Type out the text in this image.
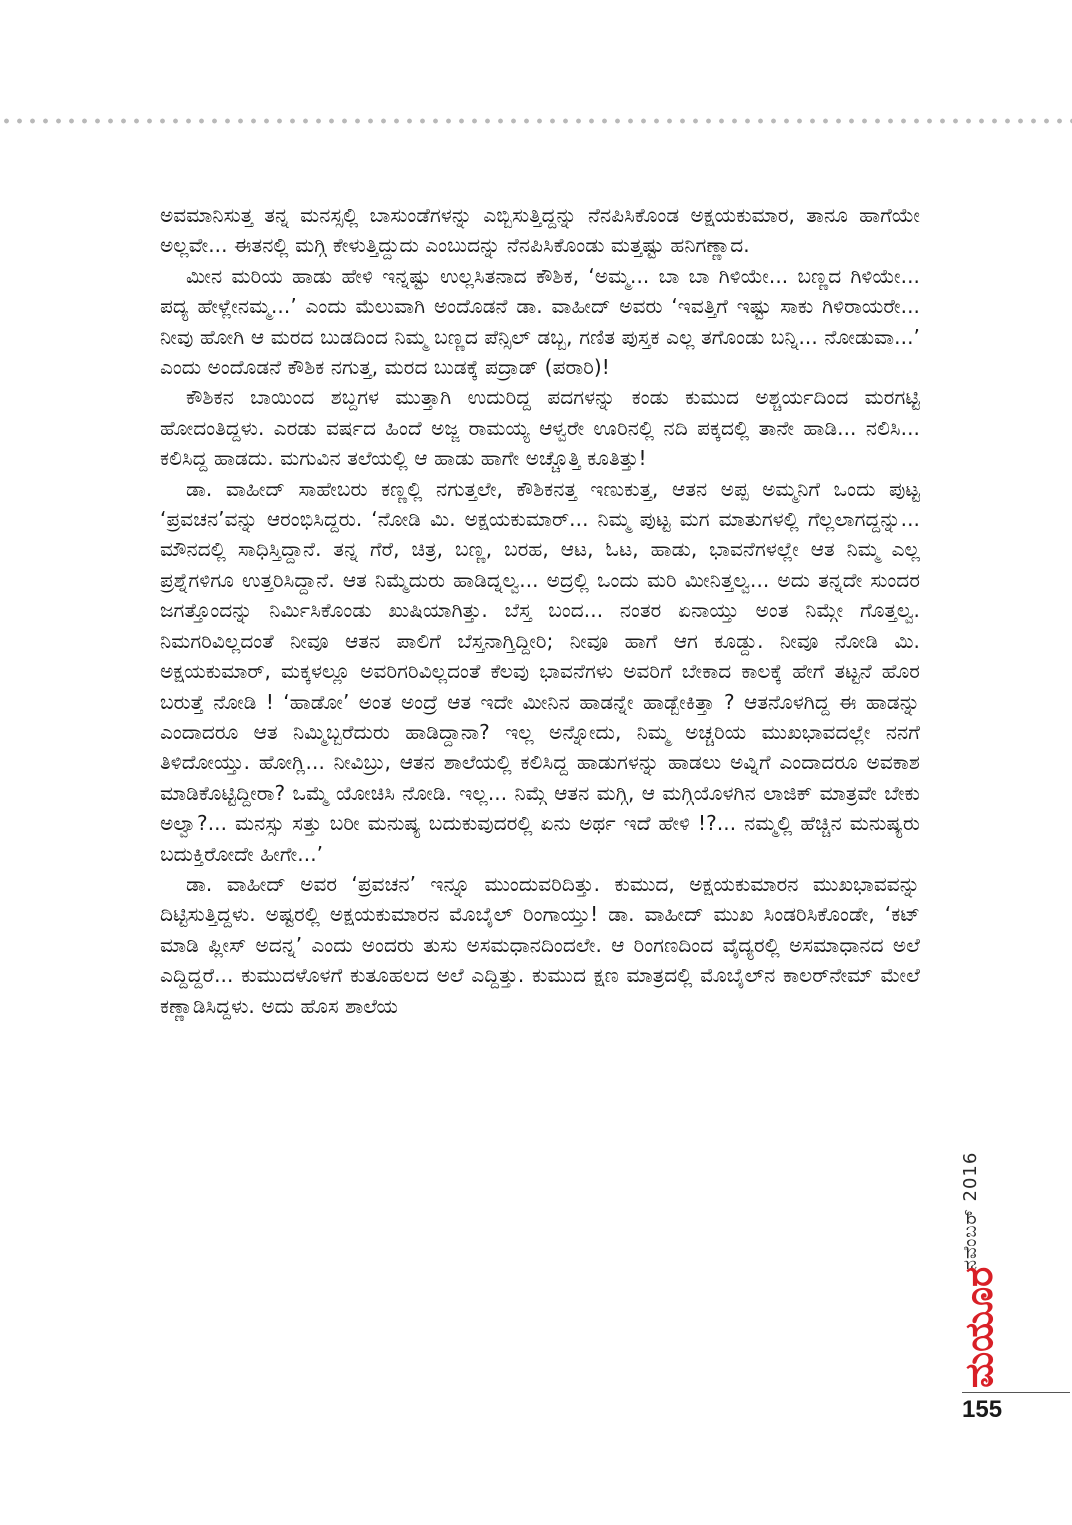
ಅವಮಾನಿಸುತ್ತ ತನ್ನ ಮನಸ್ಸಲ್ಲಿ ಬಾಸುಂಡೆಗಳನ್ನು ಎಬ್ಬಿಸುತ್ತಿದ್ದನ್ನು ನೆನಪಿಸಿಕೊಂಡ ಅಕ್ಷಯಕುಮಾರ, ತಾನೂ ಹಾಗೆಯೇ ಅಲ್ಲವೇ... ಈತನಲ್ಲಿ ಮಗ್ಗಿ ಕೇಳುತ್ತಿದ್ದುದು ಎಂಬುದನ್ನು ನೆನಪಿಸಿಕೊಂಡು ಮತ್ತಷ್ಟು ಹನಿಗಣ್ಣಾದ.

ಮೀನ ಮರಿಯ ಹಾಡು ಹೇಳಿ ಇನ್ನಷ್ಟು ಉಲ್ಲಸಿತನಾದ ಕೌಶಿಕ, ‘ಅಮ್ಮ... ಬಾ ಬಾ ಗಿಳಿಯೇ... ಬಣ್ಣದ ಗಿಳಿಯೇ... ಪದ್ಯ ಹೇಳ್ಲೇನಮ್ಮ...’ ಎಂದು ಮೆಲುವಾಗಿ ಅಂದೊಡನೆ ಡಾ. ವಾಹೀದ್ ಅವರು ‘ಇವತ್ತಿಗೆ ಇಷ್ಟು ಸಾಕು ಗಿಳಿರಾಯರೇ... ನೀವು ಹೋಗಿ ಆ ಮರದ ಬುಡದಿಂದ ನಿಮ್ಮ ಬಣ್ಣದ ಪೆನ್ಸಿಲ್ ಡಬ್ಬ, ಗಣಿತ ಪುಸ್ತಕ ಎಲ್ಲ ತಗೊಂಡು ಬನ್ನಿ... ನೋಡುವಾ...’ ಎಂದು ಅಂದೊಡನೆ ಕೌಶಿಕ ನಗುತ್ತ, ಮರದ ಬುಡಕ್ಕೆ ಪದ್ರಾಡ್ (ಪರಾರಿ)!

ಕೌಶಿಕನ ಬಾಯಿಂದ ಶಬ್ದಗಳ ಮುತ್ತಾಗಿ ಉದುರಿದ್ದ ಪದಗಳನ್ನು ಕಂಡು ಕುಮುದ ಅಶ್ಚರ್ಯದಿಂದ ಮರಗಟ್ಟಿ ಹೋದಂತಿದ್ದಳು. ಎರಡು ವರ್ಷದ ಹಿಂದೆ ಅಜ್ಜ ರಾಮಯ್ಯ ಆಳ್ವರೇ ಊರಿನಲ್ಲಿ ನದಿ ಪಕ್ಕದಲ್ಲಿ ತಾನೇ ಹಾಡಿ... ನಲಿಸಿ... ಕಲಿಸಿದ್ದ ಹಾಡದು. ಮಗುವಿನ ತಲೆಯಲ್ಲಿ ಆ ಹಾಡು ಹಾಗೇ ಅಚ್ಚೊತ್ತಿ ಕೂತಿತ್ತು!

ಡಾ. ವಾಹೀದ್ ಸಾಹೇಬರು ಕಣ್ಣಲ್ಲಿ ನಗುತ್ತಲೇ, ಕೌಶಿಕನತ್ತ ಇಣುಕುತ್ತ, ಆತನ ಅಪ್ಪ ಅಮ್ಮನಿಗೆ ಒಂದು ಪುಟ್ಟ ‘ಪ್ರವಚನ’ವನ್ನು ಆರಂಭಿಸಿದ್ದರು. ‘ನೋಡಿ ಮಿ. ಅಕ್ಷಯಕುಮಾರ್... ನಿಮ್ಮ ಪುಟ್ಟ ಮಗ ಮಾತುಗಳಲ್ಲಿ ಗೆಲ್ಲಲಾಗದ್ದನ್ನು... ಮೌನದಲ್ಲಿ ಸಾಧಿಸ್ತಿದ್ದಾನೆ. ತನ್ನ ಗೆರೆ, ಚಿತ್ರ, ಬಣ್ಣ, ಬರಹ, ಆಟ, ಓಟ, ಹಾಡು, ಭಾವನೆಗಳಲ್ಲೇ ಆತ ನಿಮ್ಮ ಎಲ್ಲ ಪ್ರಶ್ನೆಗಳಿಗೂ ಉತ್ತರಿಸಿದ್ದಾನೆ. ಆತ ನಿಮ್ಮೆದುರು ಹಾಡಿದ್ನಲ್ವ... ಅದ್ರಲ್ಲಿ ಒಂದು ಮರಿ ಮೀನಿತ್ತಲ್ವ... ಅದು ತನ್ನದೇ ಸುಂದರ ಜಗತ್ತೊಂದನ್ನು ನಿರ್ಮಿಸಿಕೊಂಡು ಖುಷಿಯಾಗಿತ್ತು. ಬೆಸ್ತ ಬಂದ... ನಂತರ ಏನಾಯ್ತು ಅಂತ ನಿಮ್ಗೇ ಗೊತ್ತಲ್ವ. ನಿಮಗರಿವಿಲ್ಲದಂತೆ ನೀವೂ ಆತನ ಪಾಲಿಗೆ ಬೆಸ್ತನಾಗ್ತಿದ್ದೀರಿ; ನೀವೂ ಹಾಗೆ ಆಗ ಕೂಡ್ದು. ನೀವೂ ನೋಡಿ ಮಿ. ಅಕ್ಷಯಕುಮಾರ್, ಮಕ್ಕಳಲ್ಲೂ ಅವರಿಗರಿವಿಲ್ಲದಂತೆ ಕೆಲವು ಭಾವನೆಗಳು ಅವರಿಗೆ ಬೇಕಾದ ಕಾಲಕ್ಕೆ ಹೇಗೆ ತಟ್ಟನೆ ಹೊರ ಬರುತ್ತೆ ನೋಡಿ ! ‘ಹಾಡೋ’ ಅಂತ ಅಂದ್ರೆ ಆತ ಇದೇ ಮೀನಿನ ಹಾಡನ್ನೇ ಹಾಡ್ಬೇಕಿತ್ತಾ ? ಆತನೊಳಗಿದ್ದ ಈ ಹಾಡನ್ನು ಎಂದಾದರೂ ಆತ ನಿಮ್ಮಿಬ್ಬರೆದುರು ಹಾಡಿದ್ದಾನಾ? ಇಲ್ಲ ಅನ್ನೋದು, ನಿಮ್ಮ ಅಚ್ಚರಿಯ ಮುಖಭಾವದಲ್ಲೇ ನನಗೆ ತಿಳಿದೋಯ್ತು. ಹೋಗ್ಲಿ... ನೀವಿಬ್ರು, ಆತನ ಶಾಲೆಯಲ್ಲಿ ಕಲಿಸಿದ್ದ ಹಾಡುಗಳನ್ನು ಹಾಡಲು ಅವ್ನಿಗೆ ಎಂದಾದರೂ ಅವಕಾಶ ಮಾಡಿಕೊಟ್ಟಿದ್ದೀರಾ? ಒಮ್ಮೆ ಯೋಚಿಸಿ ನೋಡಿ. ಇಲ್ಲ... ನಿಮ್ಗೆ ಆತನ ಮಗ್ಗಿ, ಆ ಮಗ್ಗಿಯೊಳಗಿನ ಲಾಜಿಕ್ ಮಾತ್ರವೇ ಬೇಕು ಅಲ್ವಾ?... ಮನಸ್ಸು ಸತ್ತು ಬರೀ ಮನುಷ್ಯ ಬದುಕುವುದರಲ್ಲಿ ಏನು ಅರ್ಥ ಇದೆ ಹೇಳಿ !?... ನಮ್ಮಲ್ಲಿ ಹೆಚ್ಚಿನ ಮನುಷ್ಯರು ಬದುಕ್ತಿರೋದೇ ಹೀಗೇ...’

ಡಾ. ವಾಹೀದ್ ಅವರ ‘ಪ್ರವಚನ’ ಇನ್ನೂ ಮುಂದುವರಿದಿತ್ತು. ಕುಮುದ, ಅಕ್ಷಯಕುಮಾರನ ಮುಖಭಾವವನ್ನು ದಿಟ್ಟಿಸುತ್ತಿದ್ದಳು. ಅಷ್ಟರಲ್ಲಿ ಅಕ್ಷಯಕುಮಾರನ ಮೊಬೈಲ್ ರಿಂಗಾಯ್ತು! ಡಾ. ವಾಹೀದ್ ಮುಖ ಸಿಂಡರಿಸಿಕೊಂಡೇ, ‘ಕಟ್ ಮಾಡಿ ಪ್ಲೀಸ್ ಅದನ್ನ’ ಎಂದು ಅಂದರು ತುಸು ಅಸಮಧಾನದಿಂದಲೇ. ಆ ರಿಂಗಣದಿಂದ ವೈದ್ಯರಲ್ಲಿ ಅಸಮಾಧಾನದ ಅಲೆ ಎದ್ದಿದ್ದರೆ... ಕುಮುದಳೊಳಗೆ ಕುತೂಹಲದ ಅಲೆ ಎದ್ದಿತ್ತು. ಕುಮುದ ಕ್ಷಣ ಮಾತ್ರದಲ್ಲಿ ಮೊಬೈಲ್‌ನ ಕಾಲರ್‌ನೇಮ್ ಮೇಲೆ ಕಣ್ಣಾಡಿಸಿದ್ದಳು. ಅದು ಹೊಸ ಶಾಲೆಯ

ನವೆಂಬರ್ 2016
ಮಯೂರ
155
